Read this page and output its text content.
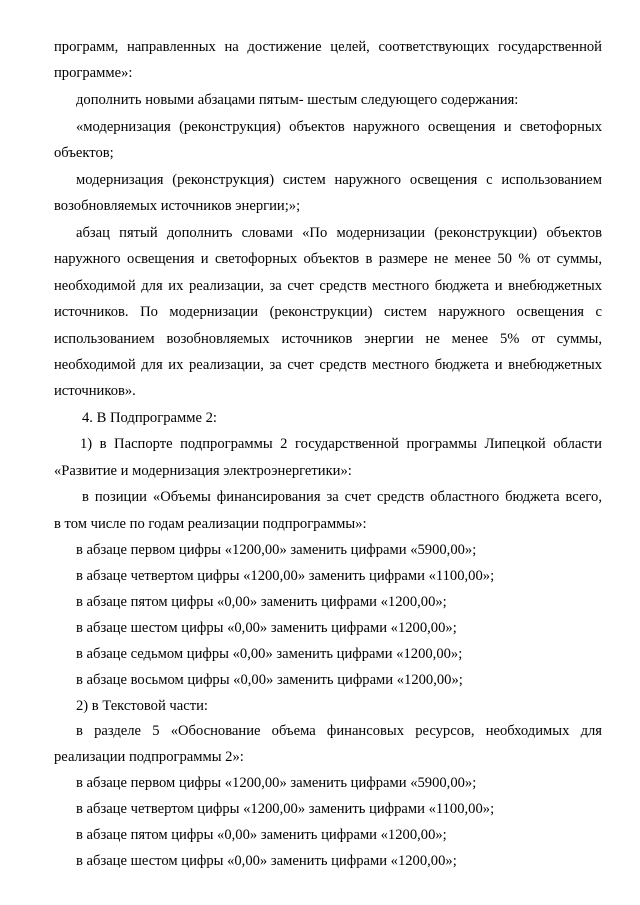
программ, направленных на достижение целей, соответствующих государственной
программе»:
дополнить новыми абзацами пятым- шестым следующего содержания:
«модернизация (реконструкция) объектов наружного освещения и светофорных
объектов;
модернизация (реконструкция) систем наружного освещения с использованием
возобновляемых источников энергии;»;
абзац пятый дополнить словами «По модернизации (реконструкции) объектов
наружного освещения и светофорных объектов в размере не менее 50 % от суммы,
необходимой для их реализации, за счет средств местного бюджета и внебюджетных
источников. По модернизации (реконструкции) систем наружного освещения с
использованием возобновляемых источников энергии не менее 5% от суммы,
необходимой для их реализации, за счет средств местного бюджета и внебюджетных
источников».
4. В Подпрограмме 2:
1) в Паспорте подпрограммы 2 государственной программы Липецкой области
«Развитие и модернизация электроэнергетики»:
в позиции «Объемы финансирования за счет средств областного бюджета всего,
в том числе по годам реализации подпрограммы»:
в абзаце первом цифры «1200,00» заменить цифрами «5900,00»;
в абзаце четвертом цифры «1200,00» заменить цифрами «1100,00»;
в абзаце пятом цифры «0,00» заменить цифрами «1200,00»;
в абзаце шестом цифры «0,00» заменить цифрами «1200,00»;
в абзаце седьмом цифры «0,00» заменить цифрами «1200,00»;
в абзаце восьмом цифры «0,00» заменить цифрами «1200,00»;
2) в Текстовой части:
в разделе 5 «Обоснование объема финансовых ресурсов, необходимых для
реализации подпрограммы 2»:
в абзаце первом цифры «1200,00» заменить цифрами «5900,00»;
в абзаце четвертом цифры «1200,00» заменить цифрами «1100,00»;
в абзаце пятом цифры «0,00» заменить цифрами «1200,00»;
в абзаце шестом цифры «0,00» заменить цифрами «1200,00»;
